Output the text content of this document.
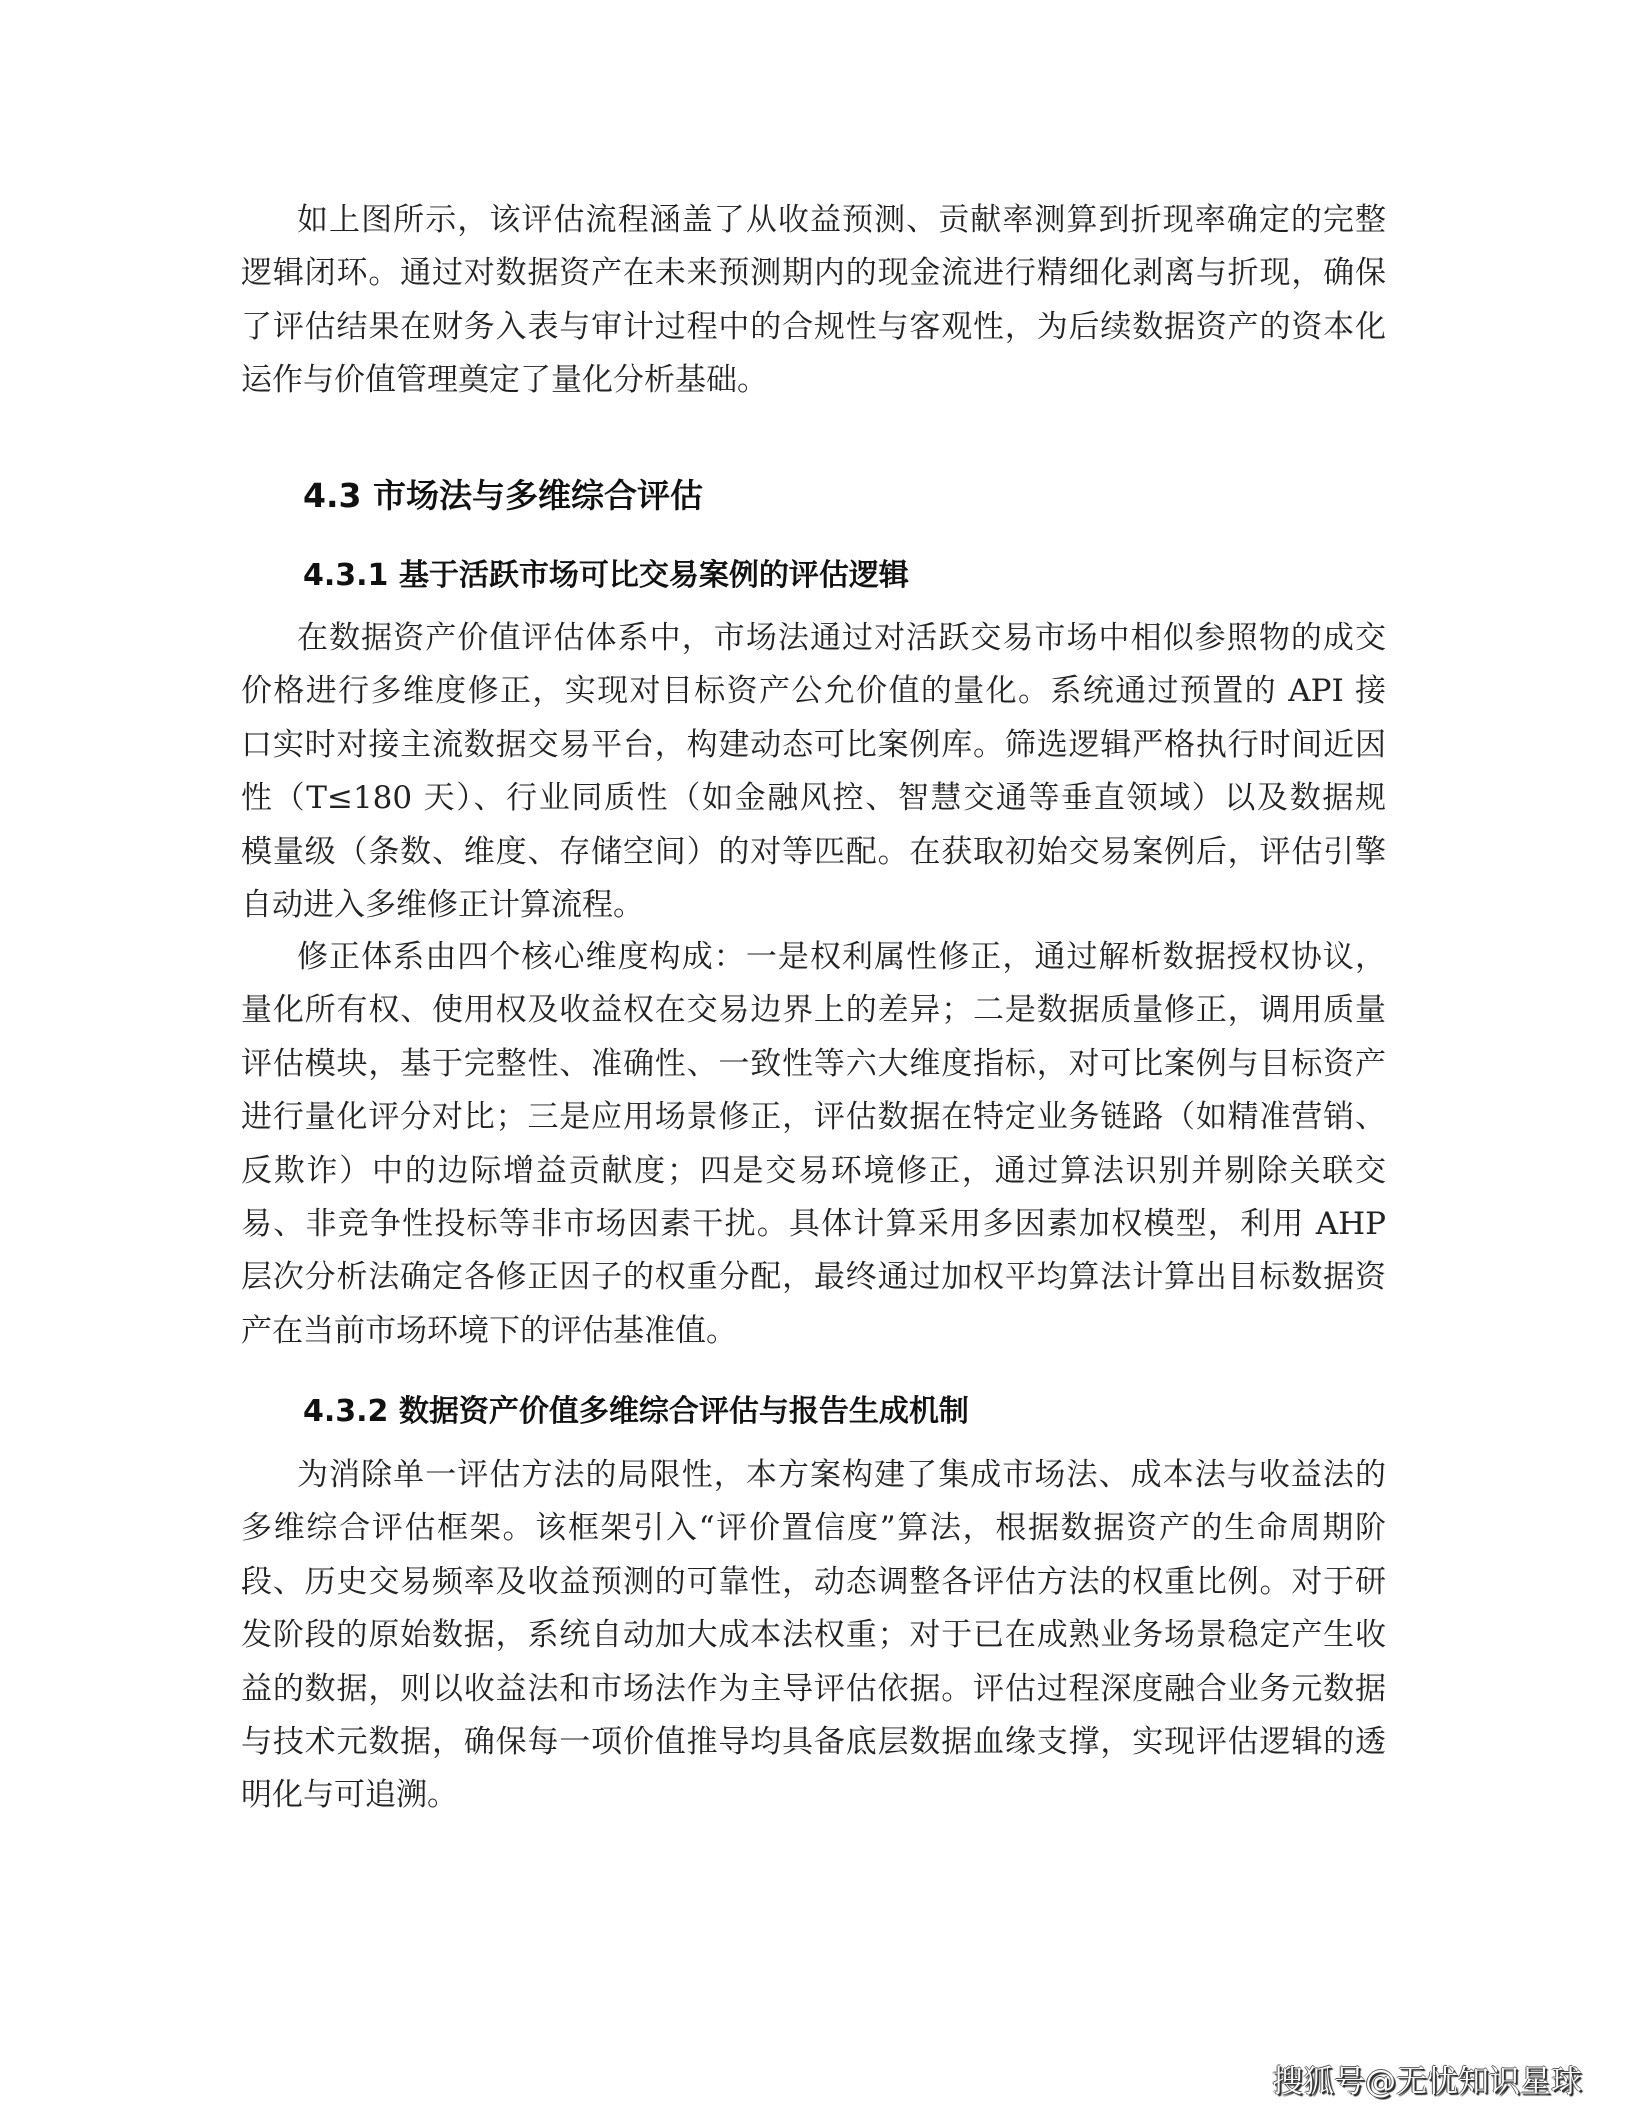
如上图所示，该评估流程涵盖了从收益预测、贡献率测算到折现率确定的完整
逻辑闭环。通过对数据资产在未来预测期内的现金流进行精细化剥离与折现，确保
了评估结果在财务入表与审计过程中的合规性与客观性，为后续数据资产的资本化
运作与价值管理奠定了量化分析基础。
4.3 市场法与多维综合评估
4.3.1 基于活跃市场可比交易案例的评估逻辑
在数据资产价值评估体系中，市场法通过对活跃交易市场中相似参照物的成交
价格进行多维度修正，实现对目标资产公允价值的量化。系统通过预置的 API 接
口实时对接主流数据交易平台，构建动态可比案例库。筛选逻辑严格执行时间近因
性（T≤180 天）、行业同质性（如金融风控、智慧交通等垂直领域）以及数据规
模量级（条数、维度、存储空间）的对等匹配。在获取初始交易案例后，评估引擎
自动进入多维修正计算流程。
修正体系由四个核心维度构成：一是权利属性修正，通过解析数据授权协议，
量化所有权、使用权及收益权在交易边界上的差异；二是数据质量修正，调用质量
评估模块，基于完整性、准确性、一致性等六大维度指标，对可比案例与目标资产
进行量化评分对比；三是应用场景修正，评估数据在特定业务链路（如精准营销、
反欺诈）中的边际增益贡献度；四是交易环境修正，通过算法识别并剔除关联交
易、非竞争性投标等非市场因素干扰。具体计算采用多因素加权模型，利用 AHP
层次分析法确定各修正因子的权重分配，最终通过加权平均算法计算出目标数据资
产在当前市场环境下的评估基准值。
4.3.2 数据资产价值多维综合评估与报告生成机制
为消除单一评估方法的局限性，本方案构建了集成市场法、成本法与收益法的
多维综合评估框架。该框架引入“评价置信度”算法，根据数据资产的生命周期阶
段、历史交易频率及收益预测的可靠性，动态调整各评估方法的权重比例。对于研
发阶段的原始数据，系统自动加大成本法权重；对于已在成熟业务场景稳定产生收
益的数据，则以收益法和市场法作为主导评估依据。评估过程深度融合业务元数据
与技术元数据，确保每一项价值推导均具备底层数据血缘支撑，实现评估逻辑的透
明化与可追溯。
搜狐号@无忧知识星球
